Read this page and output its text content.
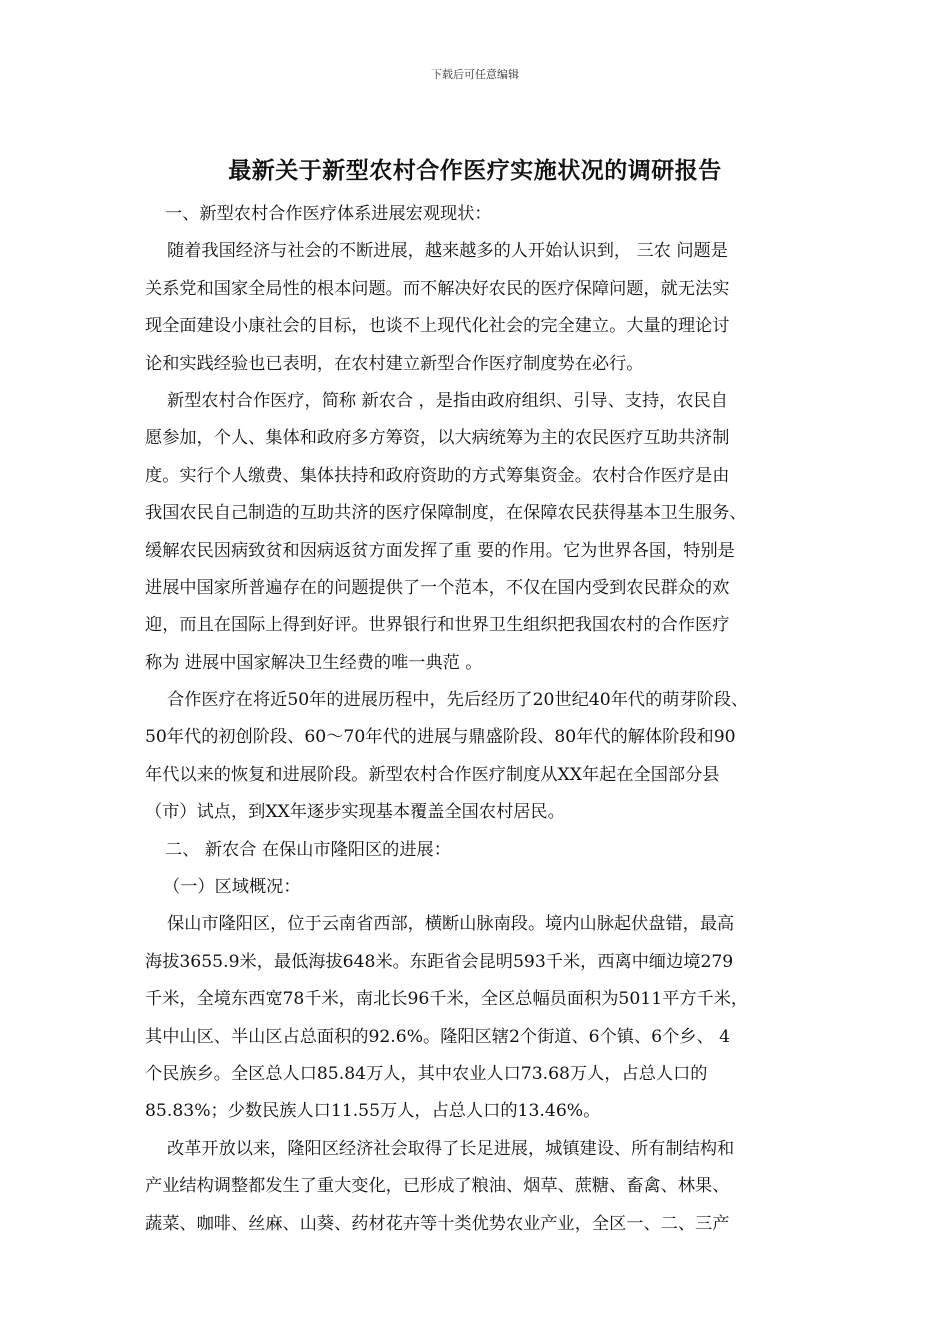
下载后可任意编辑
最新关于新型农村合作医疗实施状况的调研报告
一、新型农村合作医疗体系进展宏观现状：
随着我国经济与社会的不断进展，越来越多的人开始认识到， 三农 问题是
关系党和国家全局性的根本问题。而不解决好农民的医疗保障问题，就无法实
现全面建设小康社会的目标，也谈不上现代化社会的完全建立。大量的理论讨
论和实践经验也已表明，在农村建立新型合作医疗制度势在必行。
新型农村合作医疗，简称 新农合 ，是指由政府组织、引导、支持，农民自
愿参加，个人、集体和政府多方筹资，以大病统筹为主的农民医疗互助共济制
度。实行个人缴费、集体扶持和政府资助的方式筹集资金。农村合作医疗是由
我国农民自己制造的互助共济的医疗保障制度，在保障农民获得基本卫生服务、
缓解农民因病致贫和因病返贫方面发挥了重 要的作用。它为世界各国，特别是
进展中国家所普遍存在的问题提供了一个范本，不仅在国内受到农民群众的欢
迎，而且在国际上得到好评。世界银行和世界卫生组织把我国农村的合作医疗
称为 进展中国家解决卫生经费的唯一典范 。
合作医疗在将近50年的进展历程中，先后经历了20世纪40年代的萌芽阶段、
50年代的初创阶段、60～70年代的进展与鼎盛阶段、80年代的解体阶段和90
年代以来的恢复和进展阶段。新型农村合作医疗制度从XX年起在全国部分县
（市）试点，到XX年逐步实现基本覆盖全国农村居民。
二、 新农合 在保山市隆阳区的进展：
（一）区域概况：
保山市隆阳区，位于云南省西部，横断山脉南段。境内山脉起伏盘错，最高
海拔3655.9米，最低海拔648米。东距省会昆明593千米，西离中缅边境279
千米，全境东西宽78千米，南北长96千米，全区总幅员面积为5011平方千米，
其中山区、半山区占总面积的92.6%。隆阳区辖2个街道、6个镇、6个乡、 4
个民族乡。全区总人口85.84万人，其中农业人口73.68万人，占总人口的
85.83%；少数民族人口11.55万人，占总人口的13.46%。
改革开放以来，隆阳区经济社会取得了长足进展，城镇建设、所有制结构和
产业结构调整都发生了重大变化，已形成了粮油、烟草、蔗糖、畜禽、林果、
蔬菜、咖啡、丝麻、山葵、药材花卉等十类优势农业产业，全区一、二、三产
